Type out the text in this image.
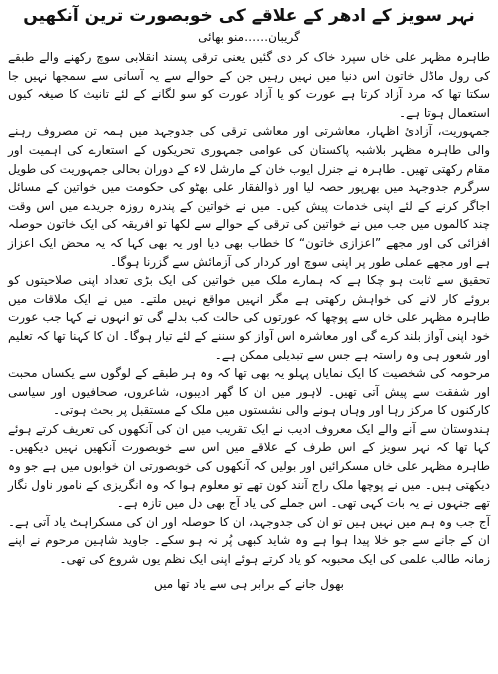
نہر سویز کے ادھر کے علاقے کی خوبصورت ترین آنکھیں
گریبان……منو بھائی

طاہرہ مظہر علی خاں سپرد خاک کر دی گئیں یعنی ترقی پسند انقلابی سوچ رکھنے والے طبقے کی رول ماڈل خاتون اس دنیا میں نہیں رہیں جن کے حوالے سے یہ آسانی سے سمجھا نہیں جا سکتا تھا کہ مرد آزاد کرتا ہے عورت کو یا آزاد عورت کو سو لگانے کے لئے تانیث کا صیغہ کیوں استعمال ہوتا ہے۔

جمہوریت، آزادیٔ اظہار، معاشرتی اور معاشی ترقی کی جدوجہد میں ہمہ تن مصروف رہنے والی طاہرہ مظہر بلاشبہ پاکستان کی عوامی جمہوری تحریکوں کے استعارے کی اہمیت اور مقام رکھتی تھیں۔ طاہرہ نے جنرل ایوب خان کے مارشل لاء کے دوران بحالی جمہوریت کی طویل سرگرم جدوجہد میں بھرپور حصہ لیا اور ذوالفقار علی بھٹو کی حکومت میں خواتین کے مسائل اجاگر کرنے کے لئے اپنی خدمات پیش کیں۔ میں نے خواتین کے پندرہ روزہ جریدے میں اس وقت چند کالموں میں جب میں نے خواتین کی ترقی کے حوالے سے لکھا تو افریقہ کی ایک خاتون حوصلہ افزائی کی اور مجھے ”اعزازی خاتون“ کا خطاب بھی دیا اور یہ بھی کہا کہ یہ محض ایک اعزاز ہے اور مجھے عملی طور پر اپنی سوچ اور کردار کی آزمائش سے گزرنا ہوگا۔

تحقیق سے ثابت ہو چکا ہے کہ ہمارے ملک میں خواتین کی ایک بڑی تعداد اپنی صلاحیتوں کو بروئے کار لانے کی خواہش رکھتی ہے مگر انہیں مواقع نہیں ملتے۔ میں نے ایک ملاقات میں طاہرہ مظہر علی خاں سے پوچھا کہ عورتوں کی حالت کب بدلے گی تو انہوں نے کہا جب عورت خود اپنی آواز بلند کرے گی اور معاشرہ اس آواز کو سننے کے لئے تیار ہوگا۔ ان کا کہنا تھا کہ تعلیم اور شعور ہی وہ راستہ ہے جس سے تبدیلی ممکن ہے۔

مرحومہ کی شخصیت کا ایک نمایاں پہلو یہ بھی تھا کہ وہ ہر طبقے کے لوگوں سے یکساں محبت اور شفقت سے پیش آتی تھیں۔ لاہور میں ان کا گھر ادیبوں، شاعروں، صحافیوں اور سیاسی کارکنوں کا مرکز رہا اور وہاں ہونے والی نشستوں میں ملک کے مستقبل پر بحث ہوتی۔

ہندوستان سے آنے والے ایک معروف ادیب نے ایک تقریب میں ان کی آنکھوں کی تعریف کرتے ہوئے کہا تھا کہ نہر سویز کے اس طرف کے علاقے میں اس سے خوبصورت آنکھیں نہیں دیکھیں۔ طاہرہ مظہر علی خاں مسکرائیں اور بولیں کہ آنکھوں کی خوبصورتی ان خوابوں میں ہے جو وہ دیکھتی ہیں۔ میں نے پوچھا ملک راج آنند کون تھے تو معلوم ہوا کہ وہ انگریزی کے نامور ناول نگار تھے جنہوں نے یہ بات کہی تھی۔ اس جملے کی یاد آج بھی دل میں تازہ ہے۔

آج جب وہ ہم میں نہیں ہیں تو ان کی جدوجہد، ان کا حوصلہ اور ان کی مسکراہٹ یاد آتی ہے۔ ان کے جانے سے جو خلا پیدا ہوا ہے وہ شاید کبھی پُر نہ ہو سکے۔ جاوید شاہین مرحوم نے اپنے زمانہ طالب علمی کی ایک محبوبہ کو یاد کرتے ہوئے اپنی ایک نظم یوں شروع کی تھی۔

بھول جانے کے برابر ہی سے یاد تھا میں
